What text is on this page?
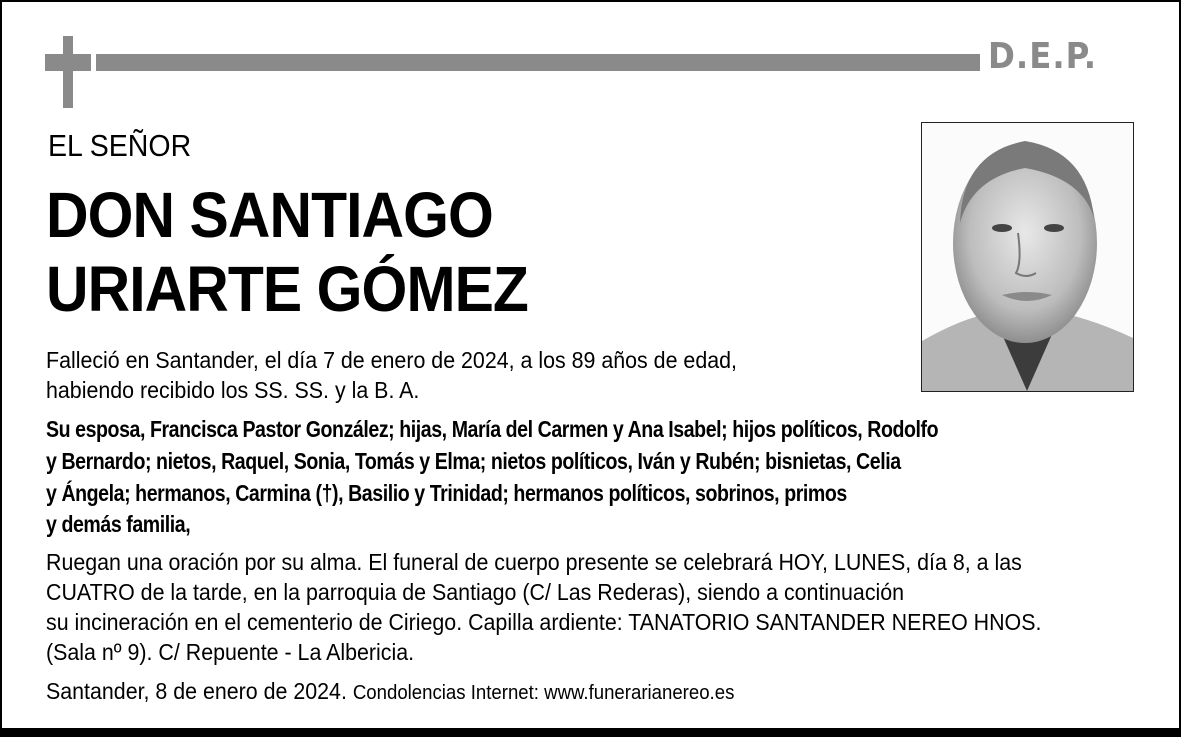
D.E.P.
EL SEÑOR
DON SANTIAGO
URIARTE GÓMEZ
Falleció en Santander, el día 7 de enero de 2024, a los 89 años de edad,
habiendo recibido los SS. SS. y la B. A.
Su esposa, Francisca Pastor González; hijas, María del Carmen y Ana Isabel; hijos políticos, Rodolfo
y Bernardo; nietos, Raquel, Sonia, Tomás y Elma; nietos políticos, Iván y Rubén; bisnietas, Celia
y Ángela; hermanos, Carmina (†), Basilio y Trinidad; hermanos políticos, sobrinos, primos
y demás familia,
Ruegan una oración por su alma. El funeral de cuerpo presente se celebrará HOY, LUNES, día 8, a las
CUATRO de la tarde, en la parroquia de Santiago (C/ Las Rederas), siendo a continuación
su incineración en el cementerio de Ciriego. Capilla ardiente: TANATORIO SANTANDER NEREO HNOS.
(Sala nº 9). C/ Repuente - La Albericia.
Santander, 8 de enero de 2024. Condolencias Internet: www.funerarianereo.es
